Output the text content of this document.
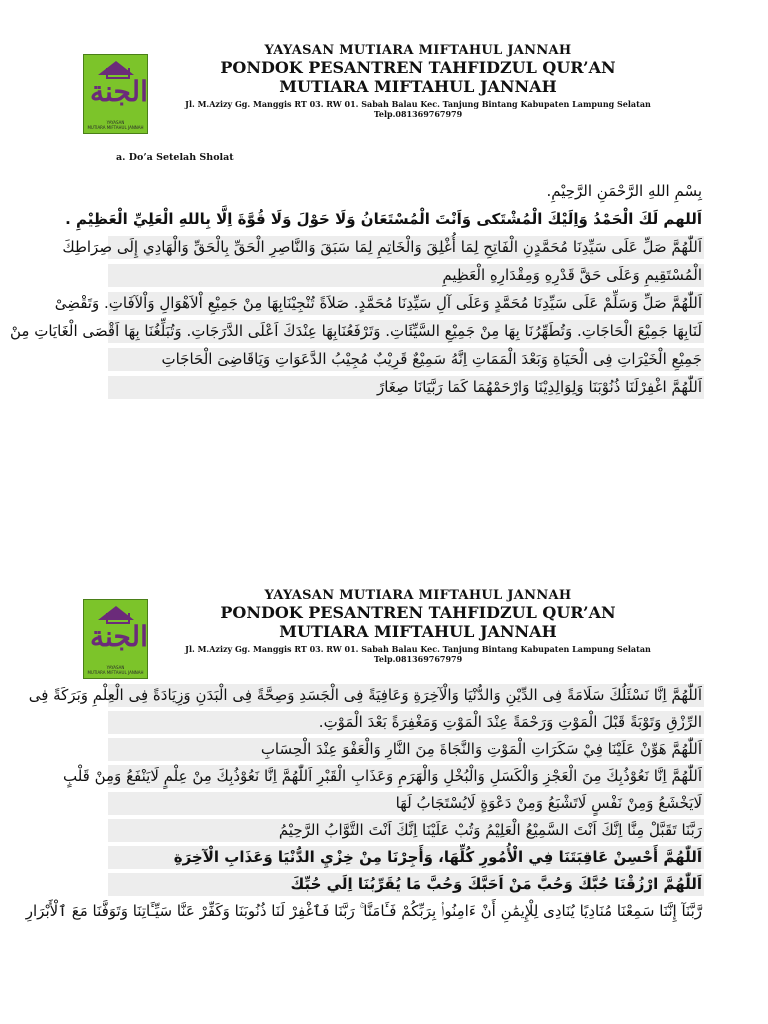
الجنة
YAYASAN
MUTIARA MIFTAHUL JANNAH
YAYASAN MUTIARA MIFTAHUL JANNAH
PONDOK PESANTREN TAHFIDZUL QUR’AN
MUTIARA MIFTAHUL JANNAH
Jl. M.Azizy Gg. Manggis RT 03. RW 01. Sabah Balau Kec. Tanjung Bintang Kabupaten Lampung Selatan
Telp.081369767979
a. Do’a Setelah Sholat
بِسْمِ اللهِ الرَّحْمَنِ الرَّحِيْمِ.
اَللهم لَكَ الْحَمْدُ وَاِلَيْكَ الْمُشْتَكى وَاَنْتَ الْمُسْتَعَانُ وَلَا حَوْلَ وَلَا قُوَّةَ اِلَّا بِاللهِ الْعَلِيِّ الْعَظِيْمِ .
اَللّٰهُمَّ صَلِّ عَلَى سَيِّدِنَا مُحَمَّدٍنِ الْفَاتِحِ لِمَا أُغْلِقَ وَالْخَاتِمِ لِمَا سَبَقَ وَالنَّاصِرِ الْحَقِّ بِالْحَقِّ وَالْهَادِي إِلَى صِرَاطِكَ
الْمُسْتَقِيمِ وَعَلَى حَقَّ قَدْرِهِ وَمِقْدَارِهِ الْعَظِيمِ
اَللّٰهُمَّ صَلِّ وَسَلِّمْ عَلَى سَيِّدِنَا مُحَمَّدٍ وَعَلَى آلِ سَيِّدِنَا مُحَمَّدٍ. صَلاَةً تُنْجِيْنَابِهَا مِنْ جَمِيْعِ اْلاَهْوَالِ وَاْلآفَاتِ. وَتَقْضِىْ
لَنَابِهَا جَمِيْعَ الْحَاجَاتِ. وَتُطَهِّرُنَا بِهَا مِنْ جَمِيْعِ السَّيِّئَاتِ. وَتَرْفَعُنَابِهَا عِنْدَكَ اَعْلَى الدَّرَجَاتِ. وَتُبَلِّغُنَا بِهَا اَقْصَى الْغَايَاتِ مِنْ
جَمِيْعِ الْخَيْرَاتِ فِى الْحَيَاةِ وَبَعْدَ الْمَمَاتِ اِنَّهُ سَمِيْعٌ قَرِيْبٌ مُجِيْبُ الدَّعَوَاتِ وَيَاقَاضِىَ الْحَاجَاتِ
اَللّٰهُمَّ اغْفِرْلَنَا ذُنُوْبَنَا وَلِوَالِدِيْنَا وَارْحَمْهُمَا كَمَا رَبَّيَانَا صِغَارً
الجنة
YAYASAN
MUTIARA MIFTAHUL JANNAH
YAYASAN MUTIARA MIFTAHUL JANNAH
PONDOK PESANTREN TAHFIDZUL QUR’AN
MUTIARA MIFTAHUL JANNAH
Jl. M.Azizy Gg. Manggis RT 03. RW 01. Sabah Balau Kec. Tanjung Bintang Kabupaten Lampung Selatan
Telp.081369767979
اَللّٰهُمَّ اِنَّا نَسْئَلُكَ سَلَامَةً فِى الدِّيْنِ وَالدُّنْيَا وَالْآخِرَةِ وَعَافِيَةً فِى الْجَسَدِ وَصِحَّةً فِى الْبَدَنِ وَزِيَادَةً فِى الْعِلْمِ وَبَرَكَةً فِى
الرِّزْقِ وَتَوْبَةً قَبْلَ الْمَوْتِ وَرَحْمَةً عِنْدَ الْمَوْتِ وَمَغْفِرَةً بَعْدَ الْمَوْتِ.
اَللّٰهُمَّ هَوِّنْ عَلَيْنَا فِيْ سَكَرَاتِ الْمَوْتِ وَالنَّجَاةَ مِنَ النَّارِ وَالْعَفْوَ عِنْدَ الْحِسَابِ
اَللّٰهُمَّ اِنَّا نَعُوْذُبِكَ مِنَ الْعَجْزِ وَالْكَسَلِ وَالْبُخْلِ وَالْهَرَمِ وَعَذَابِ الْقَبْرِ اَللّٰهُمَّ اِنَّا نَعُوْذُبِكَ مِنْ عِلْمٍ لَايَنْفَعُ وَمِنْ قَلْبٍ
لَايَخْشَعُ وَمِنْ نَفْسٍ لَاتَشْبَعُ وَمِنْ دَعْوَةٍ لَايُسْتَجَابُ لَهَا
رَبَّنَا تَقَبَّلْ مِنَّا اِنَّكَ اَنْتَ السَّمِيْعُ الْعَلِيْمُ وَتُبْ عَلَيْنَا اِنَّكَ اَنْتَ التَّوَّابُ الرَّحِيْمُ
اَللّٰهُمَّ أَحْسِنْ عَاقِبَتَنَا فِي الْأُمُورِ كُلِّهَا، وَأَجِرْنَا مِنْ خِزْيِ الدُّنْيَا وَعَذَابِ الْآخِرَةِ
اَللّٰهُمَّ ارْزُقْنَا حُبَّكَ وَحُبَّ مَنْ اَحَبَّكَ وَحُبَّ مَا يُقَرِّبُنَا اِلَي حُبِّكَ
رَّبَّنَآ إِنَّنَا سَمِعْنَا مُنَادِيًا يُنَادِى لِلْإِيمَٰنِ أَنْ ءَامِنُوا۟ بِرَبِّكُمْ فَـَٔامَنَّا ۚ رَبَّنَا فَٱغْفِرْ لَنَا ذُنُوبَنَا وَكَفِّرْ عَنَّا سَيِّـَٔاتِنَا وَتَوَفَّنَا مَعَ ٱلْأَبْرَارِ
